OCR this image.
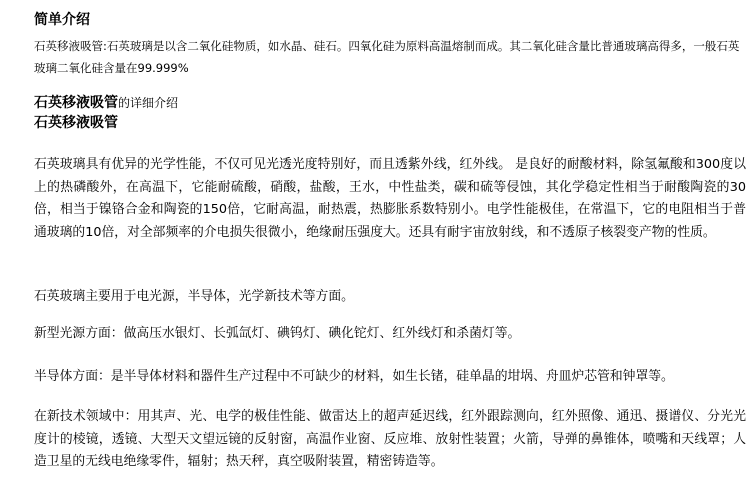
简单介绍
石英移液吸管:石英玻璃是以含二氧化硅物质，如水晶、硅石。四氧化硅为原料高温熔制而成。其二氧化硅含量比普通玻璃高得多，一般石英玻璃二氧化硅含量在99.999%
石英移液吸管的详细介绍
石英移液吸管
石英玻璃具有优异的光学性能，不仅可见光透光度特别好，而且透紫外线，红外线。 是良好的耐酸材料，除氢氟酸和300度以上的热磷酸外，在高温下，它能耐硫酸，硝酸，盐酸，王水，中性盐类，碳和硫等侵蚀，其化学稳定性相当于耐酸陶瓷的30倍，相当于镍铬合金和陶瓷的150倍，它耐高温，耐热震，热膨胀系数特别小。电学性能极佳，在常温下，它的电阻相当于普通玻璃的10倍，对全部频率的介电损失很微小，绝缘耐压强度大。还具有耐宇宙放射线，和不透原子核裂变产物的性质。
石英玻璃主要用于电光源，半导体，光学新技术等方面。
新型光源方面：做高压水银灯、长弧氙灯、碘钨灯、碘化铊灯、红外线灯和杀菌灯等。
半导体方面：是半导体材料和器件生产过程中不可缺少的材料，如生长锗，硅单晶的坩埚、舟皿炉芯管和钟罩等。
在新技术领域中：用其声、光、电学的极佳性能、做雷达上的超声延迟线，红外跟踪测向，红外照像、通迅、摄谱仪、分光光度计的棱镜，透镜、大型天文望远镜的反射窗，高温作业窗、反应堆、放射性装置；火箭，导弹的鼻锥体，喷嘴和天线罩；人造卫星的无线电绝缘零件，辐射；热天秤，真空吸附装置，精密铸造等。
